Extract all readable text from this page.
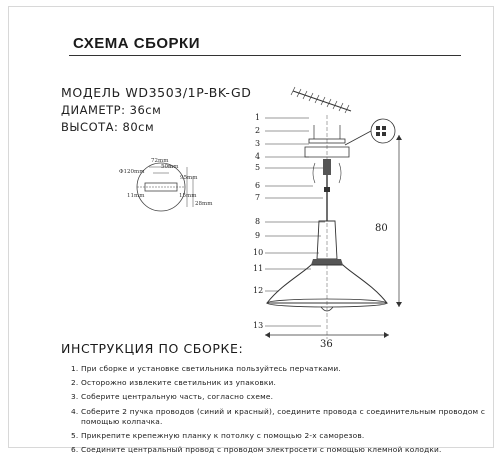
СХЕМА СБОРКИ
МОДЕЛЬ WD3503/1P-BK-GD
ДИАМЕТР: 36см
ВЫСОТА: 80см
Φ120mm
72mm
50mm
95mm
11mm	15mm
28mm
80
36
1
2
3
4
5
6
7
8
9
10
11
12
13
ИНСТРУКЦИЯ ПО СБОРКЕ:
1. При сборке и установке светильника пользуйтесь перчатками.
2. Осторожно извлеките светильник из упаковки.
3. Соберите центральную часть, согласно схеме.
4. Соберите 2 пучка проводов (синий и красный), соедините провода с соединительным проводом с помощью колпачка.
5. Прикрепите крепежную планку к потолку с помощью 2-х саморезов.
6. Соедините центральный провод с проводом электросети с помощью клемной колодки.
